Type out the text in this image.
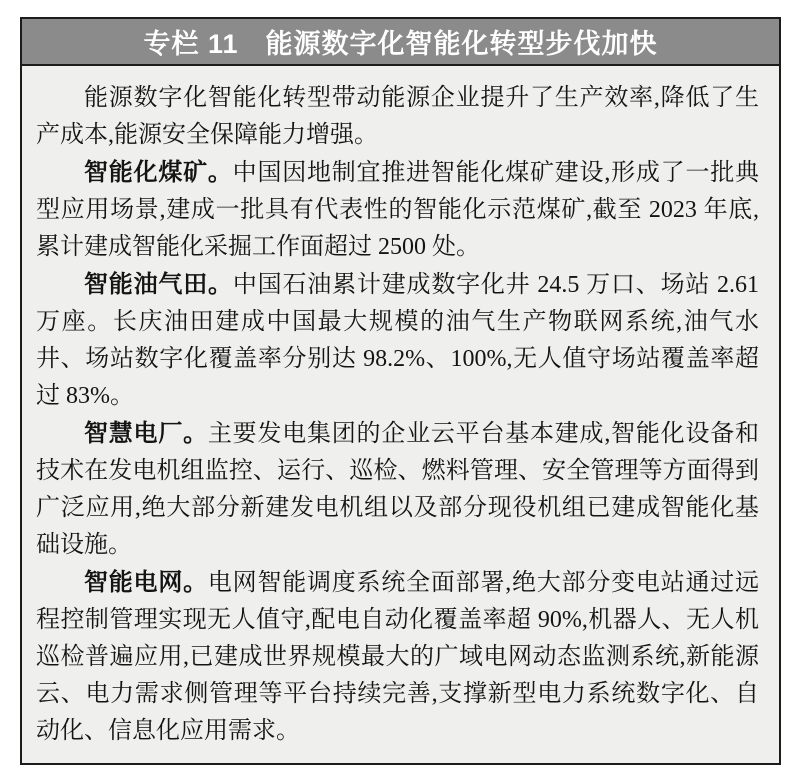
专栏 11 能源数字化智能化转型步伐加快

能源数字化智能化转型带动能源企业提升了生产效率,降低了生产成本,能源安全保障能力增强。

智能化煤矿。中国因地制宜推进智能化煤矿建设,形成了一批典型应用场景,建成一批具有代表性的智能化示范煤矿,截至 2023 年底,累计建成智能化采掘工作面超过 2500 处。

智能油气田。中国石油累计建成数字化井 24.5 万口、场站 2.61 万座。长庆油田建成中国最大规模的油气生产物联网系统,油气水井、场站数字化覆盖率分别达 98.2%、100%,无人值守场站覆盖率超过 83%。

智慧电厂。主要发电集团的企业云平台基本建成,智能化设备和技术在发电机组监控、运行、巡检、燃料管理、安全管理等方面得到广泛应用,绝大部分新建发电机组以及部分现役机组已建成智能化基础设施。

智能电网。电网智能调度系统全面部署,绝大部分变电站通过远程控制管理实现无人值守,配电自动化覆盖率超 90%,机器人、无人机巡检普遍应用,已建成世界规模最大的广域电网动态监测系统,新能源云、电力需求侧管理等平台持续完善,支撑新型电力系统数字化、自动化、信息化应用需求。
